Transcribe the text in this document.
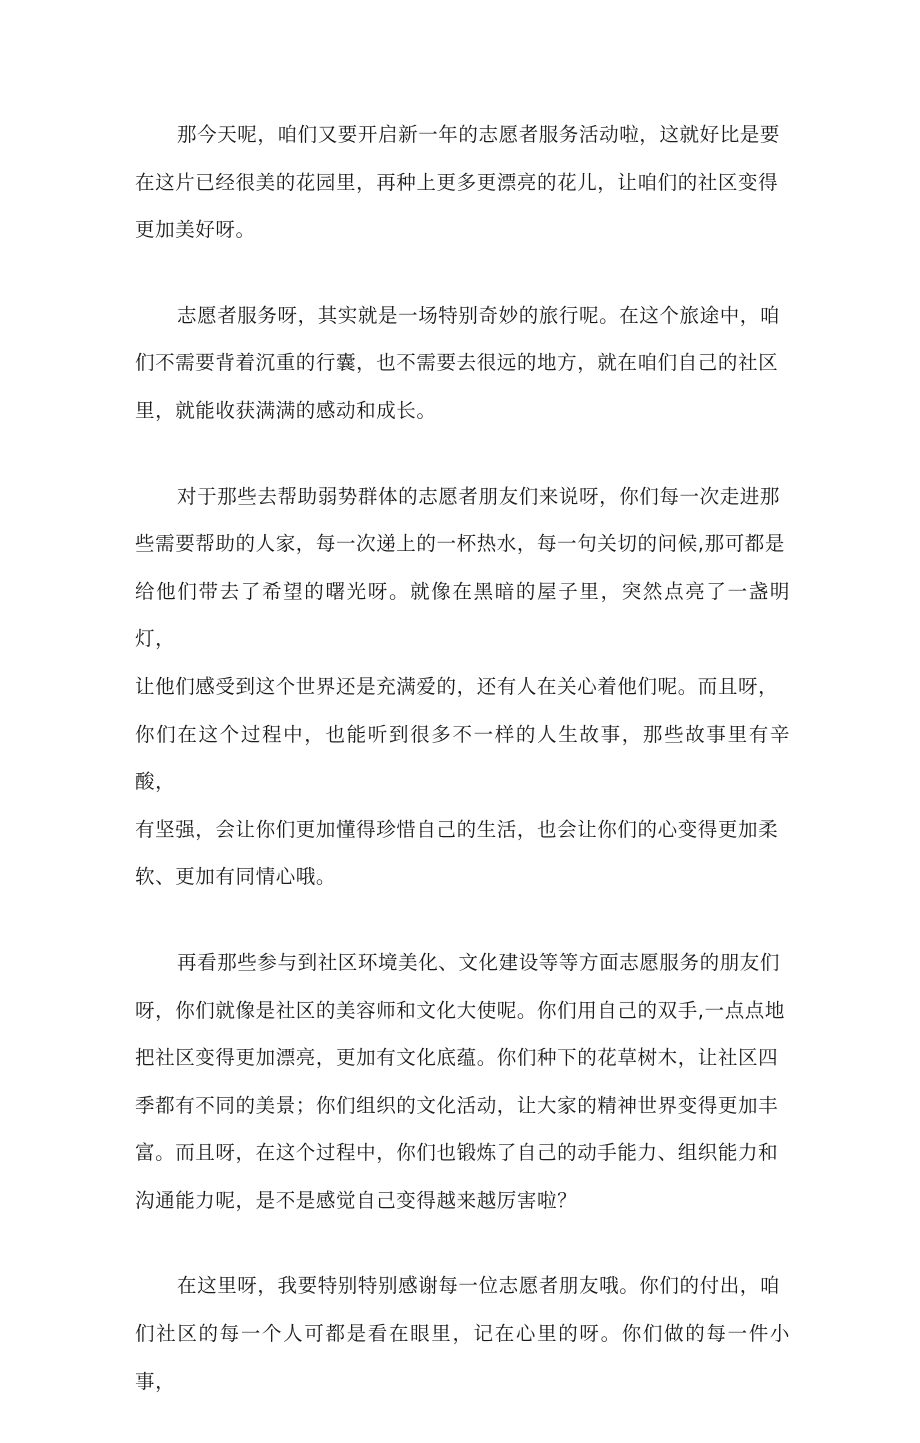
那今天呢，咱们又要开启新一年的志愿者服务活动啦，这就好比是要
在这片已经很美的花园里，再种上更多更漂亮的花儿，让咱们的社区变得
更加美好呀。

志愿者服务呀，其实就是一场特别奇妙的旅行呢。在这个旅途中，咱
们不需要背着沉重的行囊，也不需要去很远的地方，就在咱们自己的社区
里，就能收获满满的感动和成长。

对于那些去帮助弱势群体的志愿者朋友们来说呀，你们每一次走进那
些需要帮助的人家，每一次递上的一杯热水，每一句关切的问候,那可都是
给他们带去了希望的曙光呀。就像在黑暗的屋子里，突然点亮了一盏明灯，
让他们感受到这个世界还是充满爱的，还有人在关心着他们呢。而且呀，
你们在这个过程中，也能听到很多不一样的人生故事，那些故事里有辛酸，
有坚强，会让你们更加懂得珍惜自己的生活，也会让你们的心变得更加柔
软、更加有同情心哦。

再看那些参与到社区环境美化、文化建设等等方面志愿服务的朋友们
呀，你们就像是社区的美容师和文化大使呢。你们用自己的双手,一点点地
把社区变得更加漂亮，更加有文化底蕴。你们种下的花草树木，让社区四
季都有不同的美景；你们组织的文化活动，让大家的精神世界变得更加丰
富。而且呀，在这个过程中，你们也锻炼了自己的动手能力、组织能力和
沟通能力呢，是不是感觉自己变得越来越厉害啦？

在这里呀，我要特别特别感谢每一位志愿者朋友哦。你们的付出，咱
们社区的每一个人可都是看在眼里，记在心里的呀。你们做的每一件小事，
